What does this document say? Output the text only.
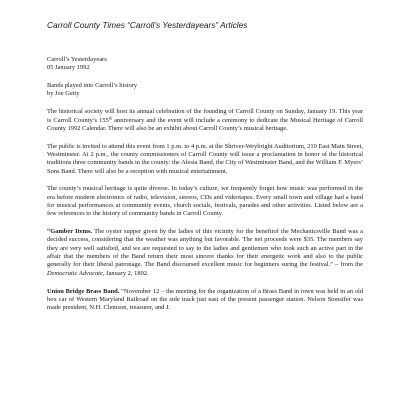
Carroll County Times “Carroll’s Yesterdayears” Articles

Carroll’s Yesterdayears
05 January 1992

Bands played into Carroll’s history
by Joe Getty

The historical society will host its annual celebration of the founding of Carroll County on Sunday, January 19. This year is Carroll County’s 155th anniversary and the event will include a ceremony to dedicate the Musical Heritage of Carroll County 1992 Calendar. There will also be an exhibit about Carroll County’s musical heritage.

The public is invited to attend this event from 1 p.m. to 4 p.m. at the Shriver-Weybright Auditorium, 210 East Main Street, Westminster. At 2 p.m., the county commissioners of Carroll County will issue a proclamation in honor of the historical traditions three community bands in the county: the Alesia Band, the City of Westminster Band, and the William F. Myers’ Sons Band. There will also be a reception with musical entertainment.

The county’s musical heritage is quite diverse. In today’s culture, we frequently forget how music was performed in the era before modern electronics of radio, television, stereos, CDs and videotapes. Every small town and village had a band for musical performances at community events, church socials, festivals, parades and other activities. Listed below are a few references to the history of community bands in Carroll County.

“Gamber Items. The oyster supper given by the ladies of this vicinity for the benefitof the Mechanicsville Band was a decided success, considering that the weather was anything but favorable. The net proceeds were $35. The members say they are very well satisfied, and we are requested to say to the ladies and gentlemen who took such an active part in the affair that the members of the Band return their most sincere thanks for their energetic work and also to the public generally for their liberal patronage. The Band discoursed excellent music for beginners suring the festival.” – from the Democratic Advocate, January 2, 1892.

Union Bridge Brass Band. “November 12 – the meeting for the organization of a Brass Band in town was held in an old box car of Western Maryland Railroad on the side track just east of the present passenger station. Nelson Stonsifer was made president, N.H. Clemson, treasurer, and J.
